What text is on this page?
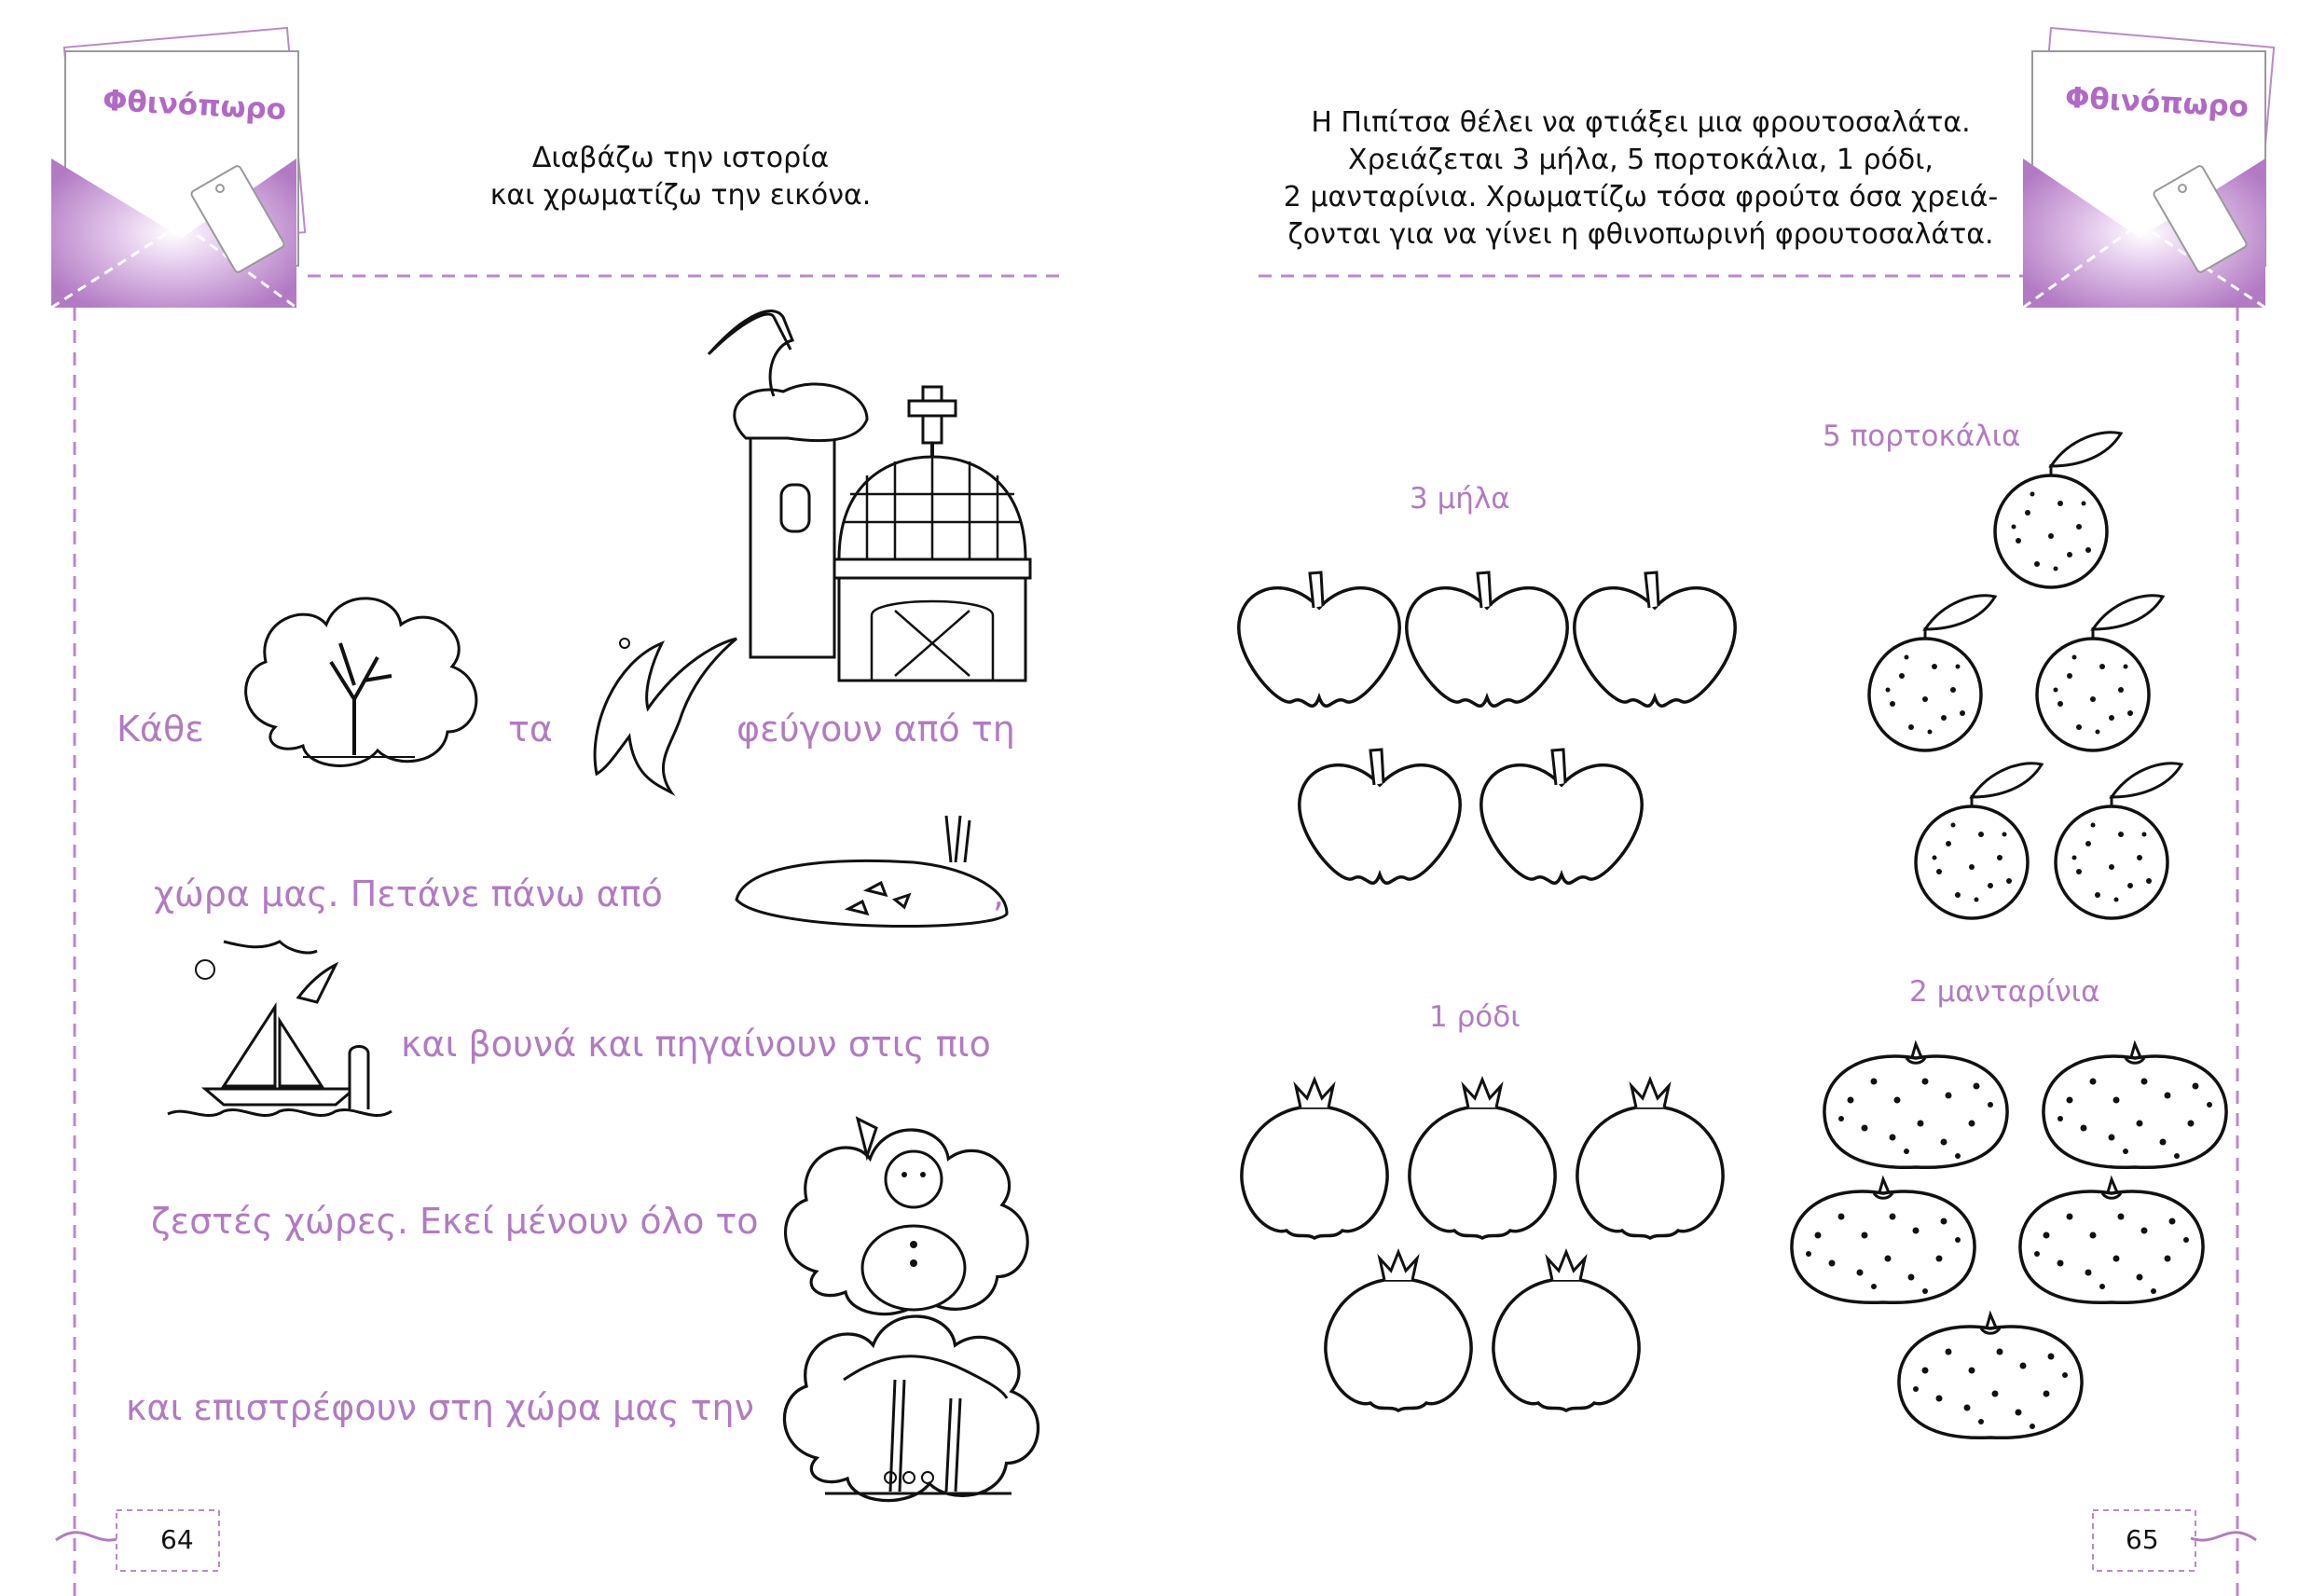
Φθινόπωρο	Φθινόπωρο
Διαβάζω την ιστορία
και χρωματίζω την εικόνα.
Η Πιπίτσα θέλει να φτιάξει μια φρουτοσαλάτα.
Χρειάζεται 3 μήλα, 5 πορτοκάλια, 1 ρόδι,
2 μανταρίνια. Χρωματίζω τόσα φρούτα όσα χρειά-
ζονται για να γίνει η φθινοπωρινή φρουτοσαλάτα.
Κάθε	τα	φεύγουν από τη
χώρα μας. Πετάνε πάνω από	,
και βουνά και πηγαίνουν στις πιο
ζεστές χώρες. Εκεί μένουν όλο το
και επιστρέφουν στη χώρα μας την
3 μήλα
5 πορτοκάλια
1 ρόδι
2 μανταρίνια
64	65
